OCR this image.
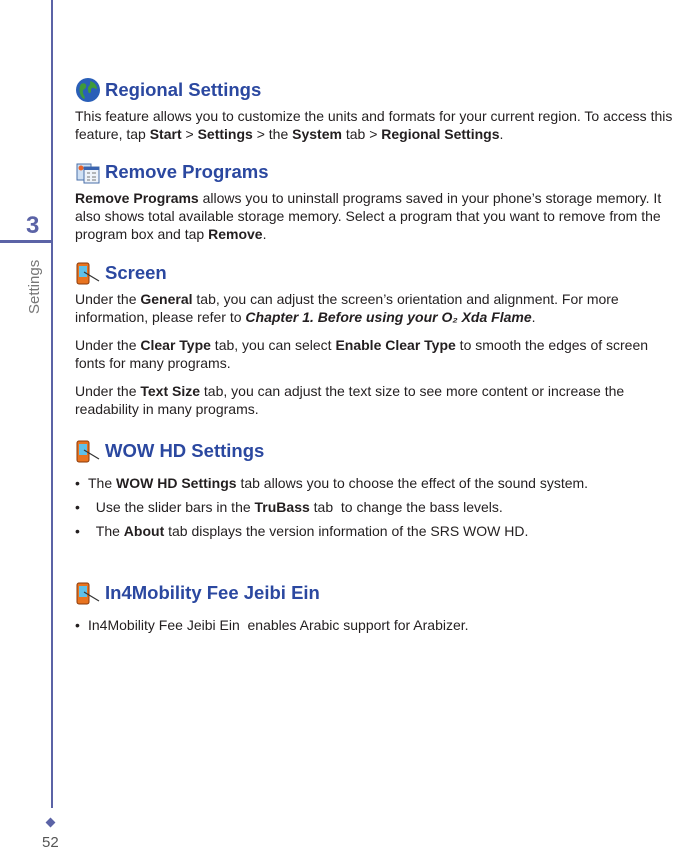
3
Settings
52
Regional Settings

This feature allows you to customize the units and formats for your current region. To access this feature, tap Start > Settings > the System tab > Regional Settings.

Remove Programs

Remove Programs allows you to uninstall programs saved in your phone’s storage memory. It also shows total available storage memory. Select a program that you want to remove from the program box and tap Remove.

Screen

Under the General tab, you can adjust the screen’s orientation and alignment. For more information, please refer to Chapter 1. Before using your O₂ Xda Flame.

Under the Clear Type tab, you can select Enable Clear Type to smooth the edges of screen fonts for many programs.

Under the Text Size tab, you can adjust the text size to see more content or increase the readability in many programs.

WOW HD Settings
• The WOW HD Settings tab allows you to choose the effect of the sound system.
• Use the slider bars in the TruBass tab  to change the bass levels.
• The About tab displays the version information of the SRS WOW HD.
In4Mobility Fee Jeibi Ein
• In4Mobility Fee Jeibi Ein  enables Arabic support for Arabizer.
